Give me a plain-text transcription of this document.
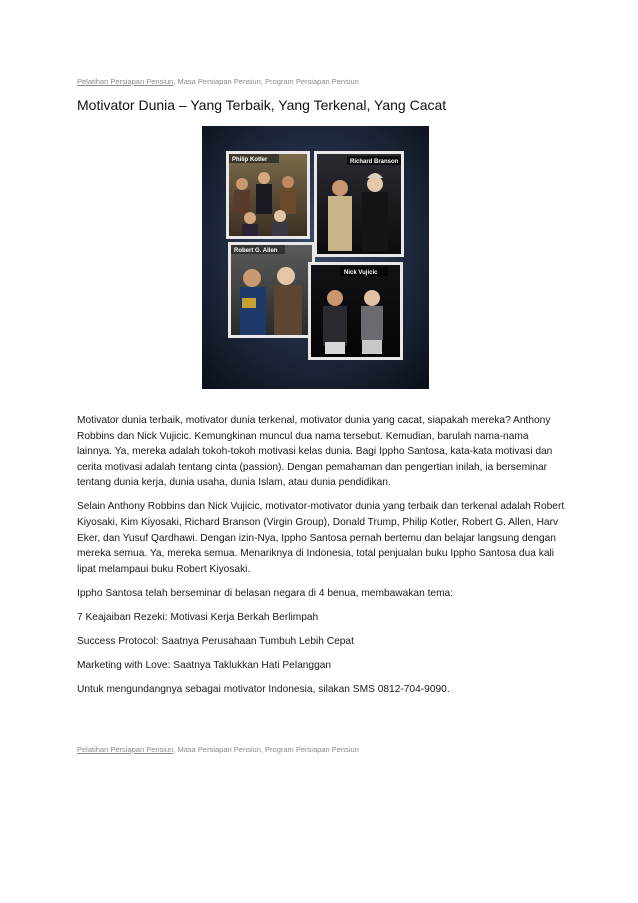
Pelatihan Persiapan Pensiun, Masa Persiapan Pensiun, Program Persiapan Pensiun
Motivator Dunia – Yang Terbaik, Yang Terkenal, Yang Cacat
Philip Kotler	Richard Branson
Robert G. Allen
Nick Vujicic

Motivator dunia terbaik, motivator dunia terkenal, motivator dunia yang cacat, siapakah mereka? Anthony Robbins dan Nick Vujicic. Kemungkinan muncul dua nama tersebut. Kemudian, barulah nama-nama lainnya. Ya, mereka adalah tokoh-tokoh motivasi kelas dunia. Bagi Ippho Santosa, kata-kata motivasi dan cerita motivasi adalah tentang cinta (passion). Dengan pemahaman dan pengertian inilah, ia berseminar tentang dunia kerja, dunia usaha, dunia Islam, atau dunia pendidikan.

Selain Anthony Robbins dan Nick Vujicic, motivator-motivator dunia yang terbaik dan terkenal adalah Robert Kiyosaki, Kim Kiyosaki, Richard Branson (Virgin Group), Donald Trump, Philip Kotler, Robert G. Allen, Harv Eker, dan Yusuf Qardhawi. Dengan izin-Nya, Ippho Santosa pernah bertemu dan belajar langsung dengan mereka semua. Ya, mereka semua. Menariknya di Indonesia, total penjualan buku Ippho Santosa dua kali lipat melampaui buku Robert Kiyosaki.

Ippho Santosa telah berseminar di belasan negara di 4 benua, membawakan tema:

7 Keajaiban Rezeki: Motivasi Kerja Berkah Berlimpah

Success Protocol: Saatnya Perusahaan Tumbuh Lebih Cepat

Marketing with Love: Saatnya Taklukkan Hati Pelanggan

Untuk mengundangnya sebagai motivator Indonesia, silakan SMS 0812-704-9090.

Pelatihan Persiapan Pensiun, Masa Persiapan Pensiun, Program Persiapan Pensiun
